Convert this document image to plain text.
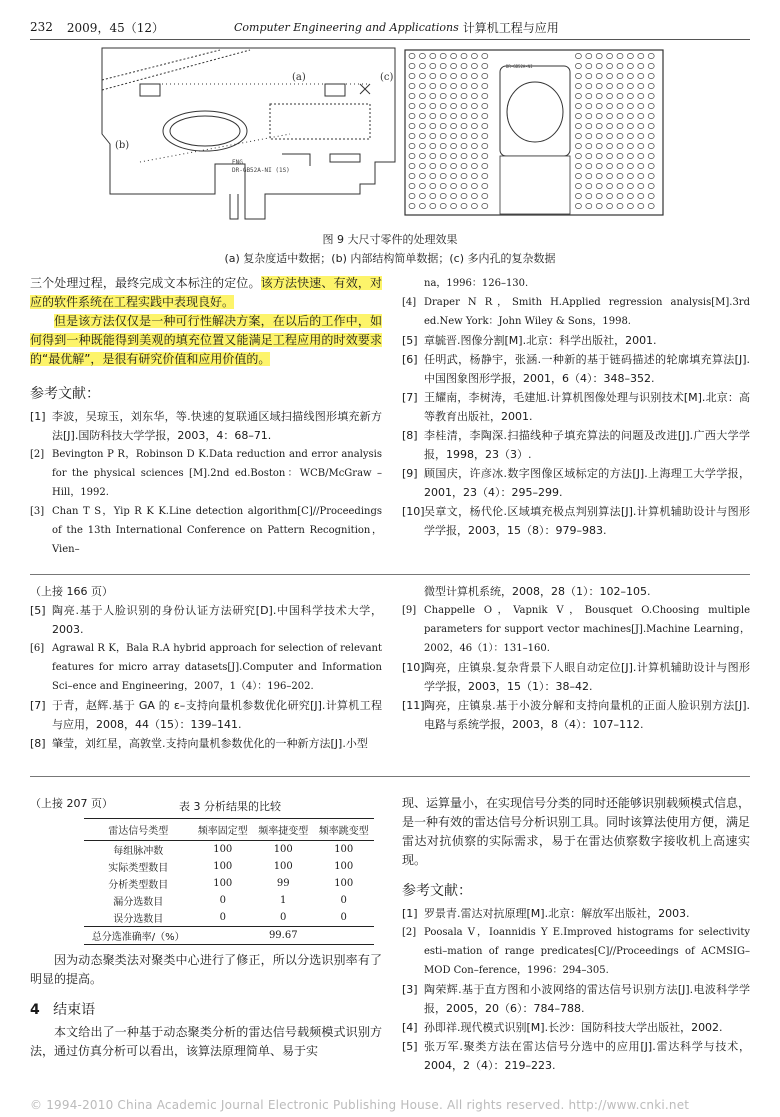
232 2009，45（12）	Computer Engineering and Applications 计算机工程与应用
ENG
DR-GB52A-NI (1S)
(a)
(b)
(c)
DR-GB52A-NI
图 9 大尺寸零件的处理效果
(a) 复杂度适中数据；(b) 内部结构简单数据；(c) 多内孔的复杂数据

三个处理过程，最终完成文本标注的定位。该方法快速、有效，对应的软件系统在工程实践中表现良好。

但是该方法仅仅是一种可行性解决方案，在以后的工作中，如何得到一种既能得到美观的填充位置又能满足工程应用的时效要求的“最优解”，是很有研究价值和应用价值的。

参考文献：
[1] 李波，吴琼玉，刘东华，等.快速的复联通区域扫描线图形填充新方法[J].国防科技大学学报，2003，4：68–71.
[2] Bevington P R，Robinson D K.Data reduction and error analysis for the physical sciences [M].2nd ed.Boston：WCB/McGraw –Hill，1992.
[3] Chan T S，Yip R K K.Line detection algorithm[C]//Proceedings of the 13th International Conference on Pattern Recognition，Vien–
na，1996：126–130.
[4] Draper N R，Smith H.Applied regression analysis[M].3rd ed.New York：John Wiley & Sons，1998.
[5] 章毓晋.图像分割[M].北京：科学出版社，2001.
[6] 任明武，杨静宇，张涵.一种新的基于链码描述的轮廓填充算法[J].中国图象图形学报，2001，6（4）：348–352.
[7] 王耀南，李树涛，毛建旭.计算机图像处理与识别技术[M].北京：高等教育出版社，2001.
[8] 李桂清，李陶深.扫描线种子填充算法的问题及改进[J].广西大学学报，1998，23（3）.
[9] 顾国庆，许彦冰.数字图像区域标定的方法[J].上海理工大学学报，2001，23（4）：295–299.
[10] 吴章文，杨代伦.区域填充极点判别算法[J].计算机辅助设计与图形学学报，2003，15（8）：979–983.
（上接 166 页）
[5] 陶亮.基于人脸识别的身份认证方法研究[D].中国科学技术大学，2003.
[6] Agrawal R K，Bala R.A hybrid approach for selection of relevant features for micro array datasets[J].Computer and Information Sci–ence and Engineering，2007，1（4）：196–202.
[7] 于青，赵辉.基于 GA 的 ε–支持向量机参数优化研究[J].计算机工程与应用，2008，44（15）：139–141.
[8] 肇莹，刘红星，高敦堂.支持向量机参数优化的一种新方法[J].小型
微型计算机系统，2008，28（1）：102–105.
[9] Chappelle O，Vapnik V，Bousquet O.Choosing multiple parameters for support vector machines[J].Machine Learning，2002，46（1）：131–160.
[10] 陶亮，庄镇泉.复杂背景下人眼自动定位[J].计算机辅助设计与图形学学报，2003，15（1）：38–42.
[11] 陶亮，庄镇泉.基于小波分解和支持向量机的正面人脸识别方法[J].电路与系统学报，2003，8（4）：107–112.
（上接 207 页）	表 3 分析结果的比较
雷达信号类型	频率固定型	频率捷变型	频率跳变型
每组脉冲数	100	100	100
实际类型数目	100	100	100
分析类型数目	100	99	100
漏分选数目	0	1	0
误分选数目	0	0	0
总分选准确率/（%）	99.67		

因为动态聚类法对聚类中心进行了修正，所以分选识别率有了明显的提高。

4 结束语

本文给出了一种基于动态聚类分析的雷达信号载频模式识别方法，通过仿真分析可以看出，该算法原理简单、易于实

现、运算量小，在实现信号分类的同时还能够识别载频模式信息，是一种有效的雷达信号分析识别工具。同时该算法使用方便，满足雷达对抗侦察的实际需求，易于在雷达侦察数字接收机上高速实现。

参考文献：
[1] 罗景青.雷达对抗原理[M].北京：解放军出版社，2003.
[2] Poosala V，Ioannidis Y E.Improved histograms for selectivity esti–mation of range predicates[C]//Proceedings of ACMSIG–MOD Con–ference，1996：294–305.
[3] 陶荣辉.基于直方图和小波网络的雷达信号识别方法[J].电波科学学报，2005，20（6）：784–788.
[4] 孙即祥.现代模式识别[M].长沙：国防科技大学出版社，2002.
[5] 张万军.聚类方法在雷达信号分选中的应用[J].雷达科学与技术，2004，2（4）：219–223.
© 1994-2010 China Academic Journal Electronic Publishing House. All rights reserved. http://www.cnki.net
